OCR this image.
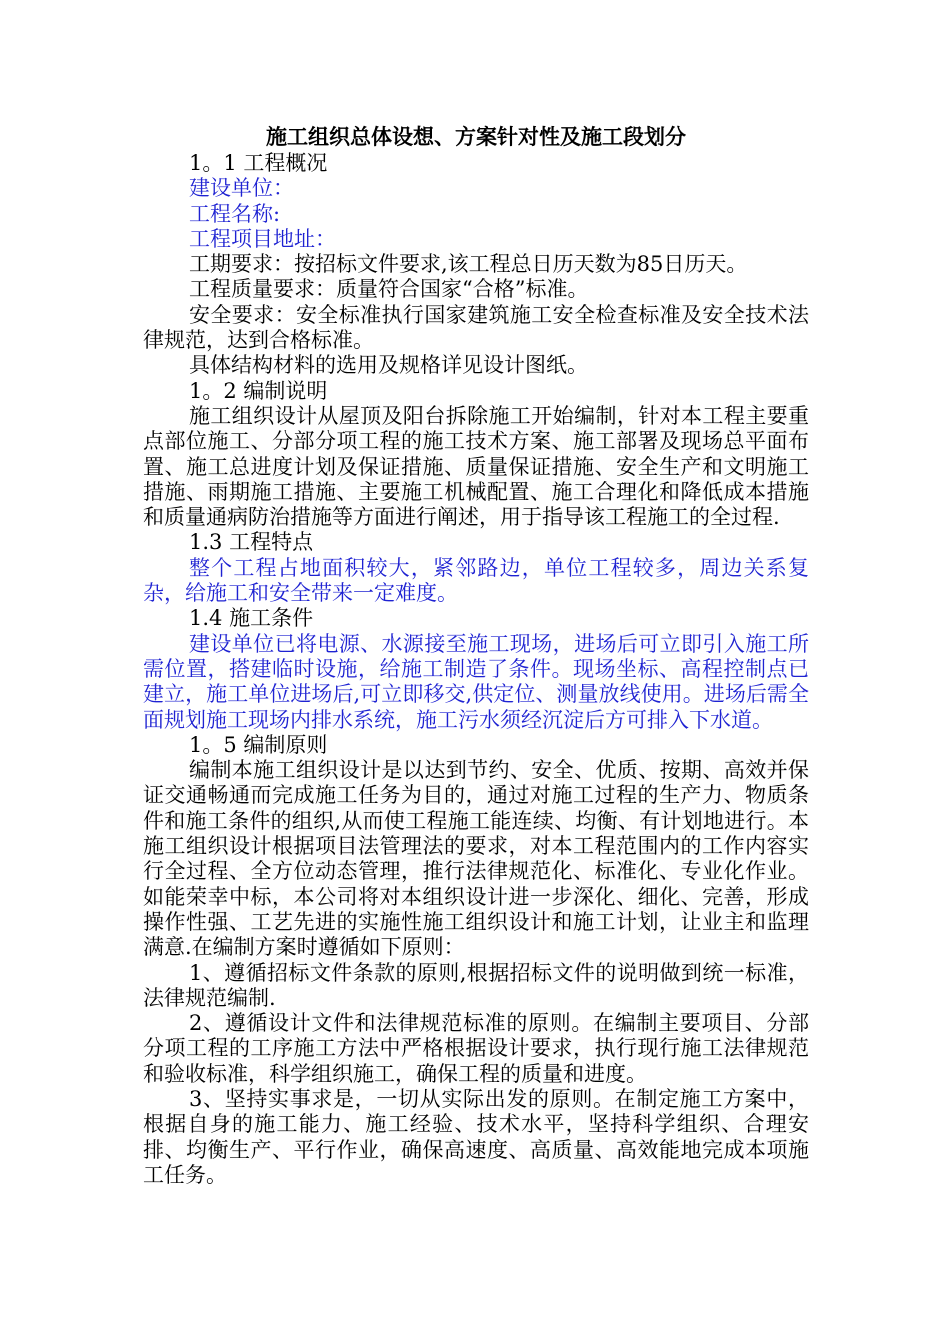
施工组织总体设想、方案针对性及施工段划分

1。1 工程概况

建设单位：

工程名称:

工程项目地址：

工期要求：按招标文件要求,该工程总日历天数为85日历天。

工程质量要求：质量符合国家“合格”标准。

安全要求：安全标准执行国家建筑施工安全检查标准及安全技术法律规范，达到合格标准。

具体结构材料的选用及规格详见设计图纸。

1。2 编制说明

施工组织设计从屋顶及阳台拆除施工开始编制，针对本工程主要重点部位施工、分部分项工程的施工技术方案、施工部署及现场总平面布置、施工总进度计划及保证措施、质量保证措施、安全生产和文明施工措施、雨期施工措施、主要施工机械配置、施工合理化和降低成本措施和质量通病防治措施等方面进行阐述，用于指导该工程施工的全过程.

1.3 工程特点

整个工程占地面积较大，紧邻路边，单位工程较多，周边关系复杂，给施工和安全带来一定难度。

1.4 施工条件

建设单位已将电源、水源接至施工现场，进场后可立即引入施工所需位置，搭建临时设施，给施工制造了条件。现场坐标、高程控制点已建立，施工单位进场后,可立即移交,供定位、测量放线使用。进场后需全面规划施工现场内排水系统，施工污水须经沉淀后方可排入下水道。

1。5 编制原则

编制本施工组织设计是以达到节约、安全、优质、按期、高效并保证交通畅通而完成施工任务为目的，通过对施工过程的生产力、物质条件和施工条件的组织,从而使工程施工能连续、均衡、有计划地进行。本施工组织设计根据项目法管理法的要求，对本工程范围内的工作内容实行全过程、全方位动态管理，推行法律规范化、标准化、专业化作业。如能荣幸中标，本公司将对本组织设计进一步深化、细化、完善，形成操作性强、工艺先进的实施性施工组织设计和施工计划，让业主和监理满意.在编制方案时遵循如下原则：

1、遵循招标文件条款的原则,根据招标文件的说明做到统一标准，法律规范编制.

2、遵循设计文件和法律规范标准的原则。在编制主要项目、分部分项工程的工序施工方法中严格根据设计要求，执行现行施工法律规范和验收标准，科学组织施工，确保工程的质量和进度。

3、坚持实事求是，一切从实际出发的原则。在制定施工方案中，根据自身的施工能力、施工经验、技术水平，坚持科学组织、合理安排、均衡生产、平行作业，确保高速度、高质量、高效能地完成本项施工任务。
